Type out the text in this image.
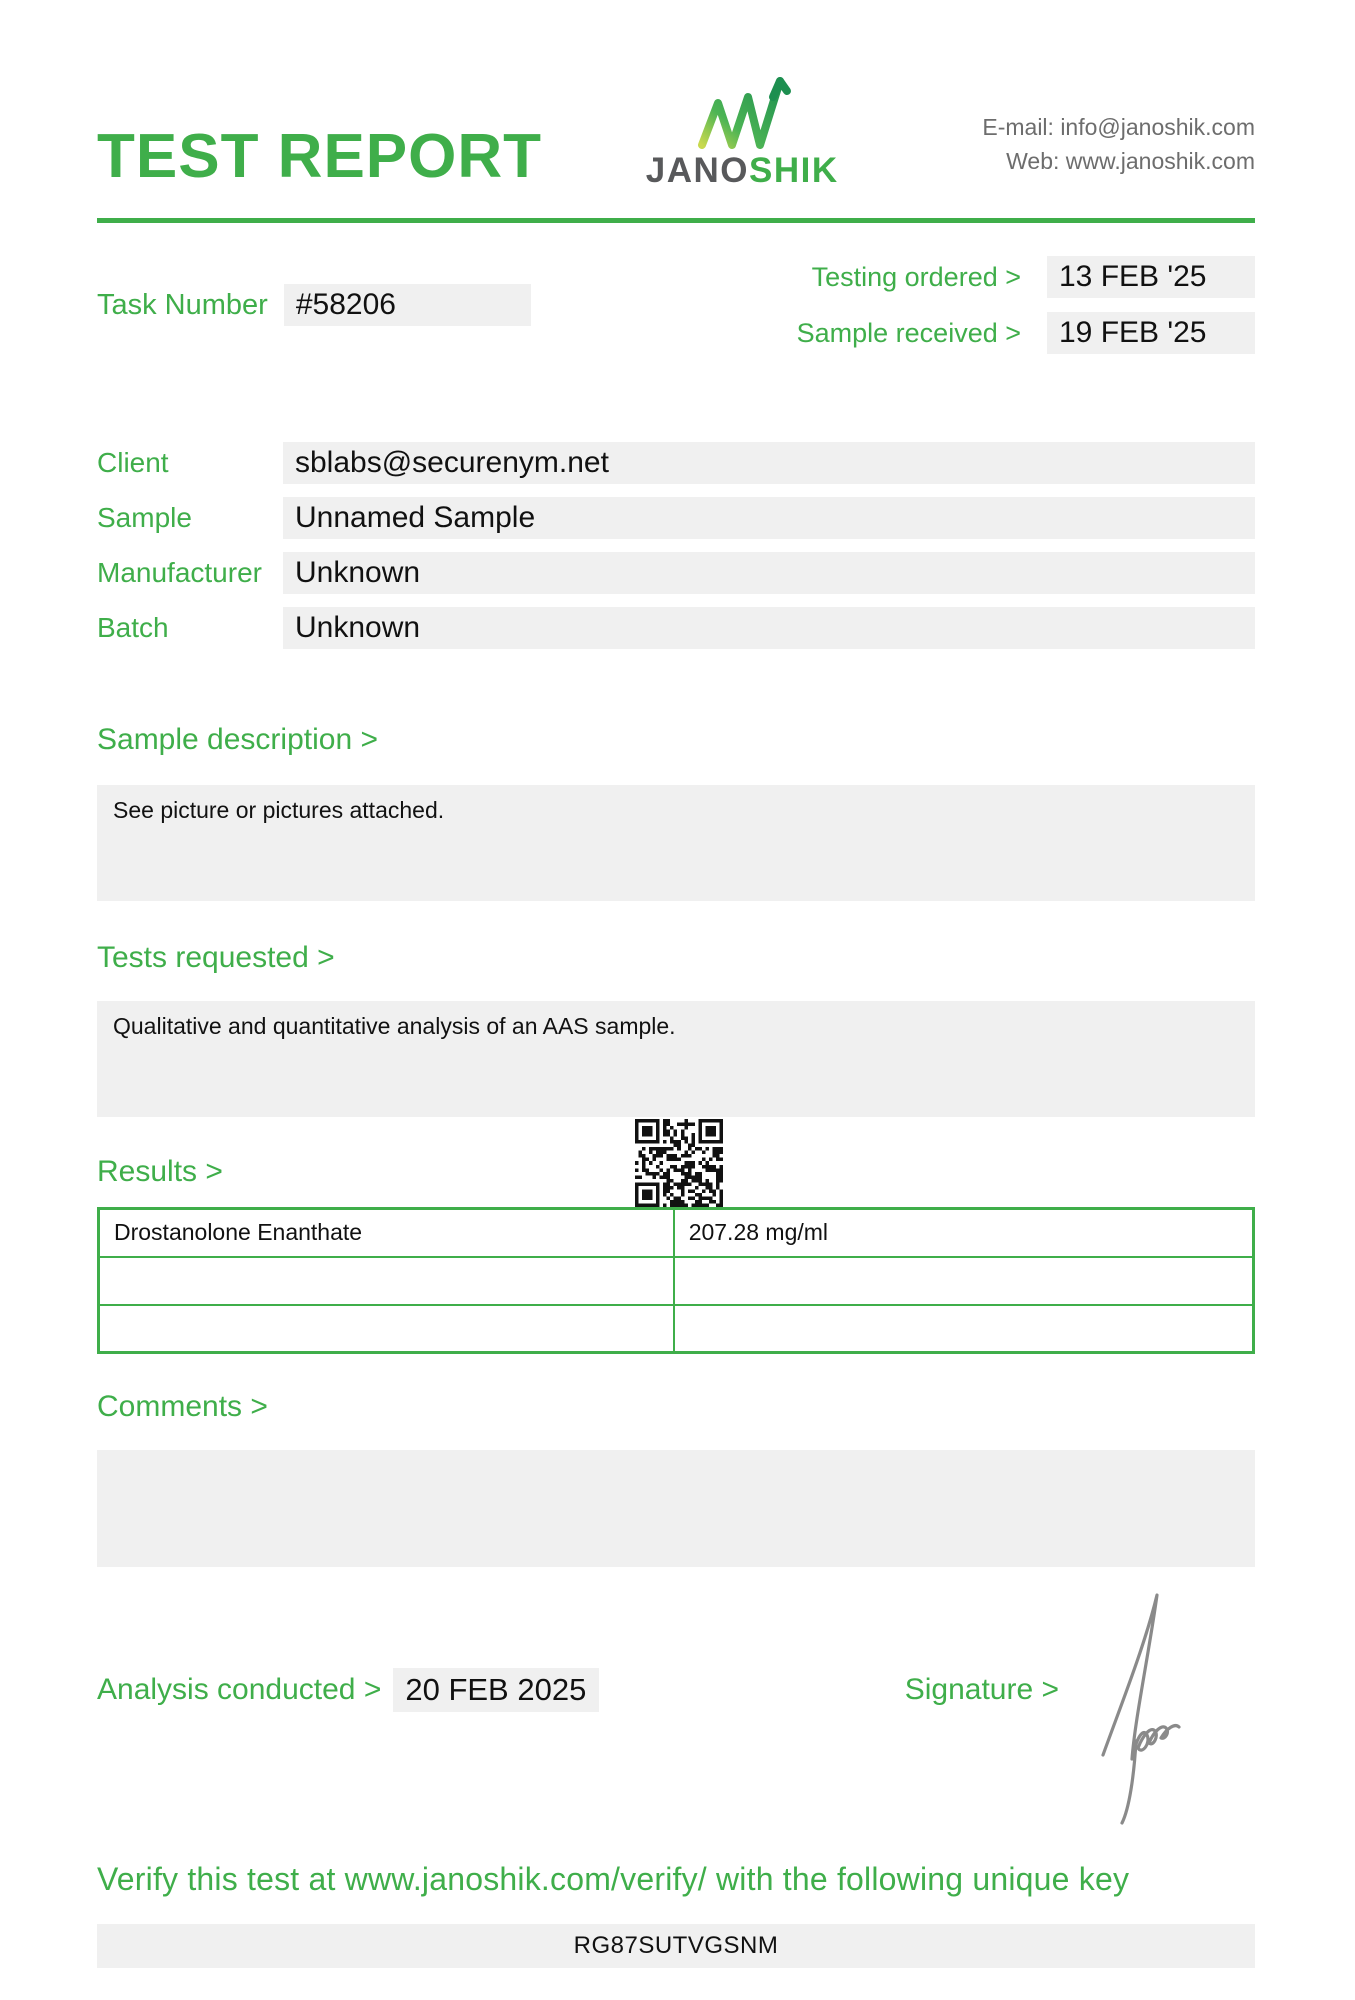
TEST REPORT	JANOSHIK
E-mail: info@janoshik.com
Web: www.janoshik.com
Task Number #58206
Testing ordered >	13 FEB '25
Sample received >	19 FEB '25
Client	sblabs@securenym.net
Sample	Unnamed Sample
Manufacturer	Unknown
Batch	Unknown
Sample description >
See picture or pictures attached.
Tests requested >
Qualitative and quantitative analysis of an AAS sample.
Results >
Drostanolone Enanthate	207.28 mg/ml

Comments >
Analysis conducted > 20 FEB 2025	Signature >
Verify this test at www.janoshik.com/verify/ with the following unique key
RG87SUTVGSNM
